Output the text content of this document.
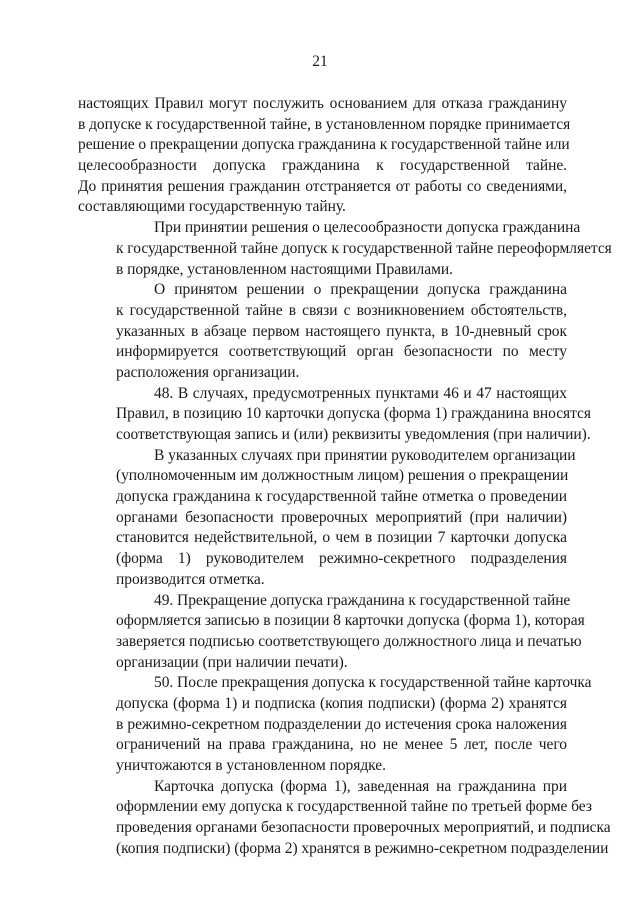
21
настоящих Правил могут послужить основанием для отказа гражданину
в допуске к государственной тайне, в установленном порядке принимается
решение о прекращении допуска гражданина к государственной тайне или
целесообразности допуска гражданина к государственной тайне.
До принятия решения гражданин отстраняется от работы со сведениями,
составляющими государственную тайну.
При принятии решения о целесообразности допуска гражданина
к государственной тайне допуск к государственной тайне переоформляется
в порядке, установленном настоящими Правилами.
О принятом решении о прекращении допуска гражданина
к государственной тайне в связи с возникновением обстоятельств,
указанных в абзаце первом настоящего пункта, в 10-дневный срок
информируется соответствующий орган безопасности по месту
расположения организации.
48. В случаях, предусмотренных пунктами 46 и 47 настоящих
Правил, в позицию 10 карточки допуска (форма 1) гражданина вносятся
соответствующая запись и (или) реквизиты уведомления (при наличии).
В указанных случаях при принятии руководителем организации
(уполномоченным им должностным лицом) решения о прекращении
допуска гражданина к государственной тайне отметка о проведении
органами безопасности проверочных мероприятий (при наличии)
становится недействительной, о чем в позиции 7 карточки допуска
(форма 1) руководителем режимно-секретного подразделения
производится отметка.
49. Прекращение допуска гражданина к государственной тайне
оформляется записью в позиции 8 карточки допуска (форма 1), которая
заверяется подписью соответствующего должностного лица и печатью
организации (при наличии печати).
50. После прекращения допуска к государственной тайне карточка
допуска (форма 1) и подписка (копия подписки) (форма 2) хранятся
в режимно-секретном подразделении до истечения срока наложения
ограничений на права гражданина, но не менее 5 лет, после чего
уничтожаются в установленном порядке.
Карточка допуска (форма 1), заведенная на гражданина при
оформлении ему допуска к государственной тайне по третьей форме без
проведения органами безопасности проверочных мероприятий, и подписка
(копия подписки) (форма 2) хранятся в режимно-секретном подразделении
